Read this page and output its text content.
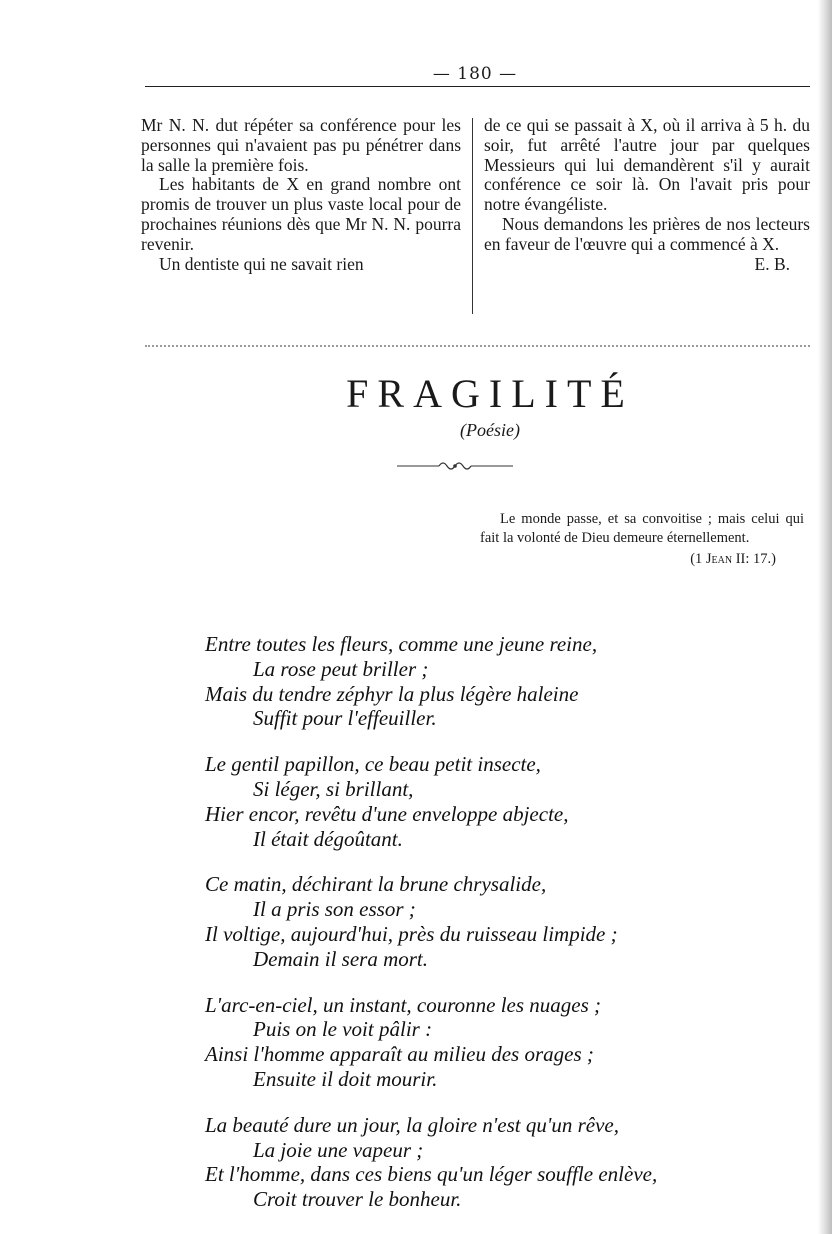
— 180 —

Mr N. N. dut répéter sa conférence pour les personnes qui n'avaient pas pu pénétrer dans la salle la première fois.

Les habitants de X en grand nombre ont promis de trouver un plus vaste local pour de prochaines réunions dès que Mr N. N. pourra revenir.

Un dentiste qui ne savait rien

de ce qui se passait à X, où il arriva à 5 h. du soir, fut arrêté l'autre jour par quelques Messieurs qui lui demandèrent s'il y aurait conférence ce soir là. On l'avait pris pour notre évangéliste.

Nous demandons les prières de nos lecteurs en faveur de l'œuvre qui a commencé à X.

E. B.

FRAGILITÉ
(Poésie)
Le monde passe, et sa convoitise ; mais celui qui fait la volonté de Dieu demeure éternellement.
(1 Jean II: 17.)
Entre toutes les fleurs, comme une jeune reine,
La rose peut briller ;
Mais du tendre zéphyr la plus légère haleine
Suffit pour l'effeuiller.
Le gentil papillon, ce beau petit insecte,
Si léger, si brillant,
Hier encor, revêtu d'une enveloppe abjecte,
Il était dégoûtant.
Ce matin, déchirant la brune chrysalide,
Il a pris son essor ;
Il voltige, aujourd'hui, près du ruisseau limpide ;
Demain il sera mort.
L'arc-en-ciel, un instant, couronne les nuages ;
Puis on le voit pâlir :
Ainsi l'homme apparaît au milieu des orages ;
Ensuite il doit mourir.
La beauté dure un jour, la gloire n'est qu'un rêve,
La joie une vapeur ;
Et l'homme, dans ces biens qu'un léger souffle enlève,
Croit trouver le bonheur.
